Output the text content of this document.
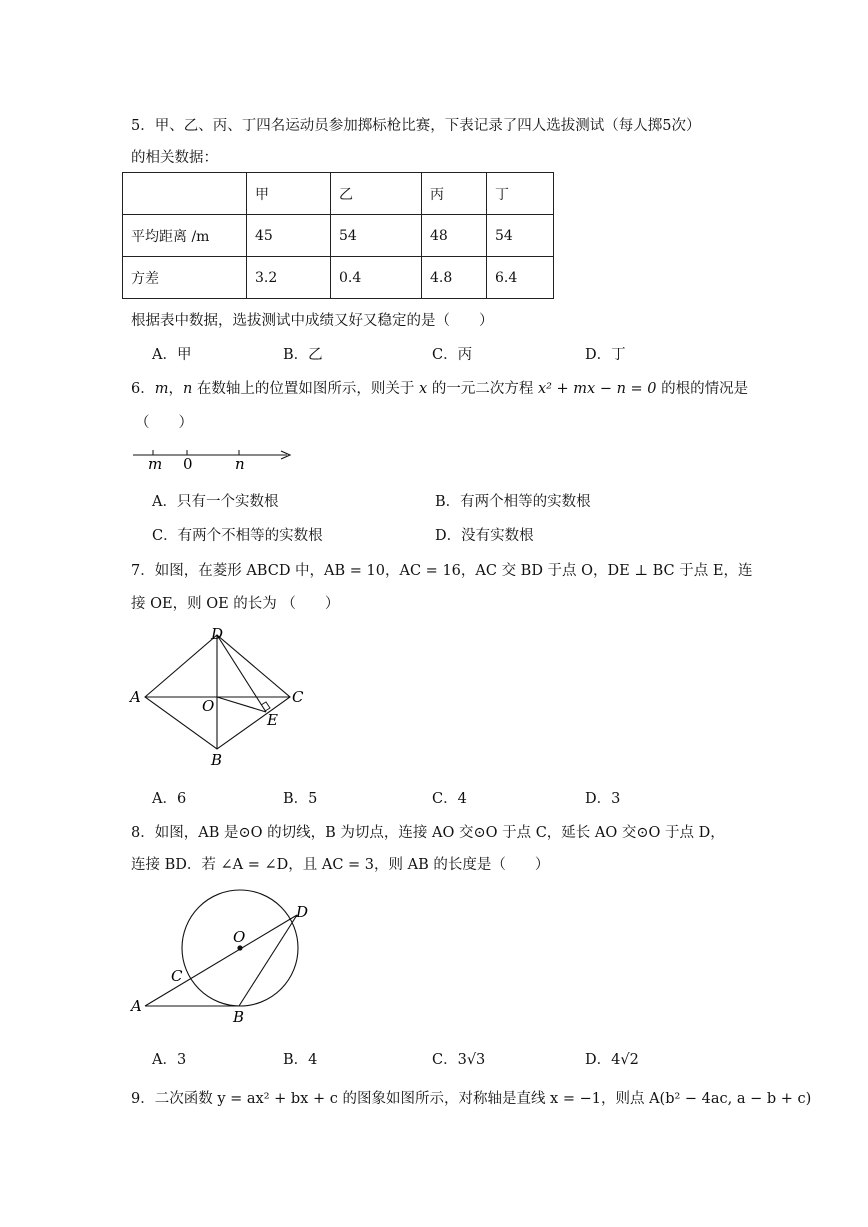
5．甲、乙、丙、丁四名运动员参加掷标枪比赛，下表记录了四人选拔测试（每人掷5次）
的相关数据：
	甲	乙	丙	丁
平均距离 /m	45	54	48	54
方差	3.2	0.4	4.8	6.4
根据表中数据，选拔测试中成绩又好又稳定的是（　　）
A．甲	B．乙	C．丙	D．丁
6．m，n 在数轴上的位置如图所示，则关于 x 的一元二次方程 x² + mx − n = 0 的根的情况是
（　　）
m 0	n
A．只有一个实数根	B．有两个相等的实数根
C．有两个不相等的实数根	D．没有实数根
7．如图，在菱形 ABCD 中，AB = 10，AC = 16，AC 交 BD 于点 O，DE ⊥ BC 于点 E，连
接 OE，则 OE 的长为 （　　）
D
A	O	C
E
B
A．6	B．5	C．4	D．3
8．如图，AB 是⊙O 的切线，B 为切点，连接 AO 交⊙O 于点 C，延长 AO 交⊙O 于点 D，
连接 BD．若 ∠A = ∠D，且 AC = 3，则 AB 的长度是（　　）
D
O
C
A
B
A．3	B．4	C．3√3	D．4√2
9．二次函数 y = ax² + bx + c 的图象如图所示，对称轴是直线 x = −1，则点 A(b² − 4ac, a − b + c)
